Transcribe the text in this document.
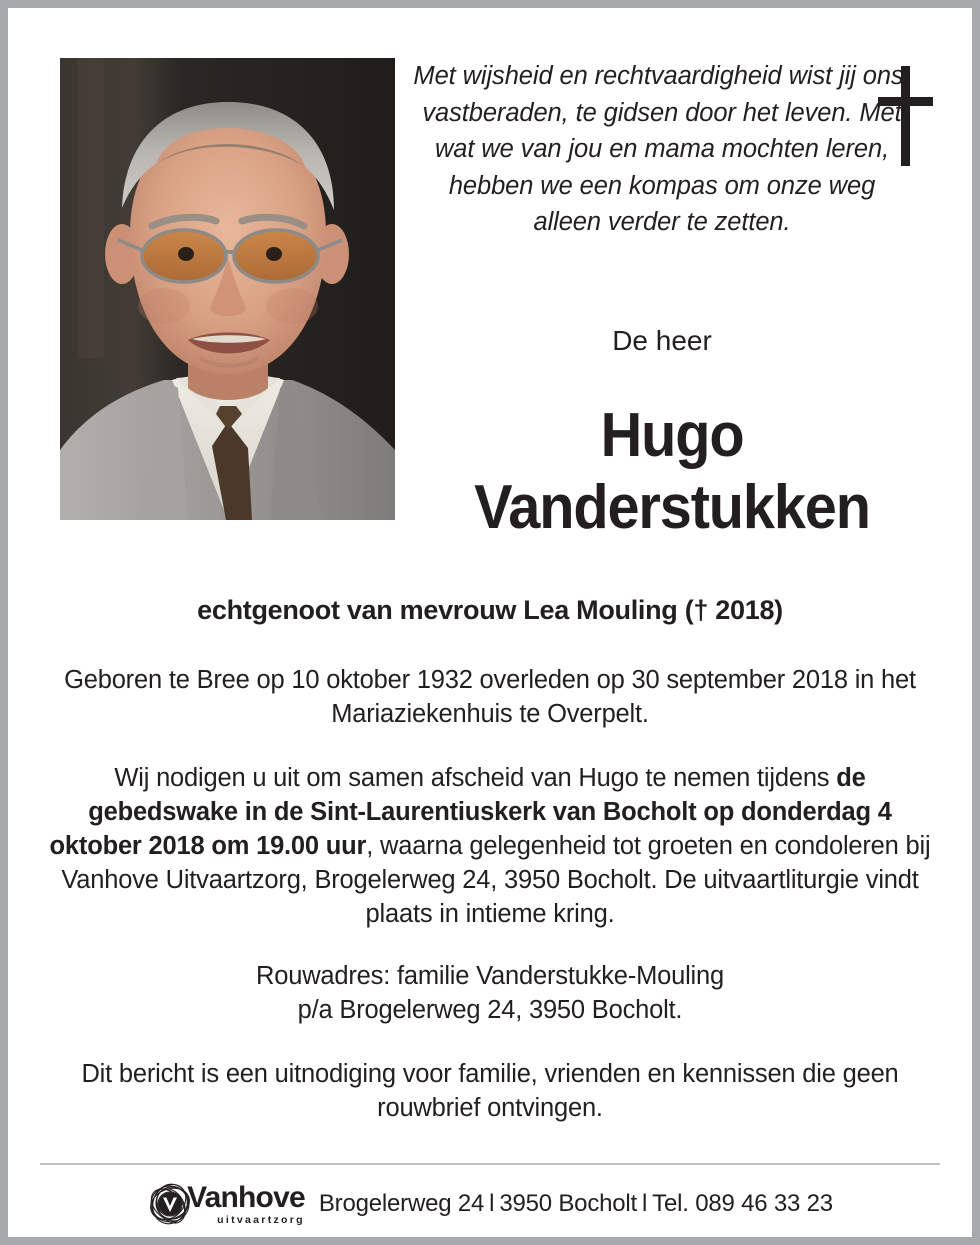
Met wijsheid en rechtvaardigheid wist jij ons, vastberaden, te gidsen door het leven. Met wat we van jou en mama mochten leren, hebben we een kompas om onze weg alleen verder te zetten.
De heer
Hugo
Vanderstukken

echtgenoot van mevrouw Lea Mouling († 2018)

Geboren te Bree op 10 oktober 1932 overleden op 30 september 2018 in het Mariaziekenhuis te Overpelt.

Wij nodigen u uit om samen afscheid van Hugo te nemen tijdens de gebedswake in de Sint-Laurentiuskerk van Bocholt op donderdag 4 oktober 2018 om 19.00 uur, waarna gelegenheid tot groeten en condoleren bij Vanhove Uitvaartzorg, Brogelerweg 24, 3950 Bocholt. De uitvaartliturgie vindt plaats in intieme kring.

Rouwadres: familie Vanderstukke-Mouling
p/a Brogelerweg 24, 3950 Bocholt.

Dit bericht is een uitnodiging voor familie, vrienden en kennissen die geen rouwbrief ontvingen.

Vanhove
uitvaartzorg
Brogelerweg 24 l 3950 Bocholt l Tel. 089 46 33 23
